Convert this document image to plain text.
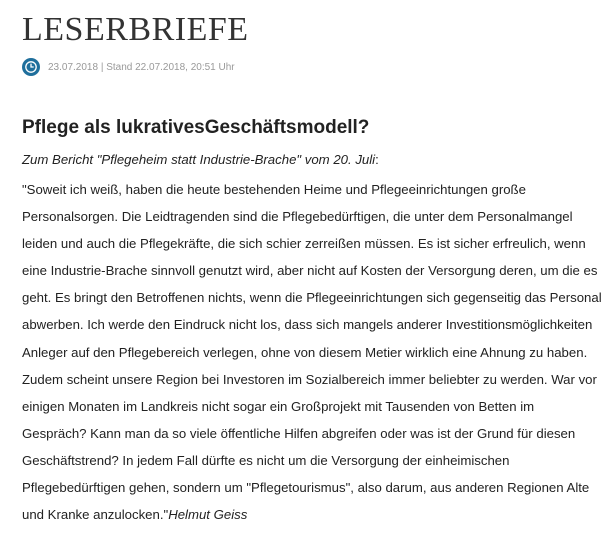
LESERBRIEFE
23.07.2018 | Stand 22.07.2018, 20:51 Uhr
Pflege als lukrativesGeschäftsmodell?
Zum Bericht "Pflegeheim statt Industrie-Brache" vom 20. Juli:

"Soweit ich weiß, haben die heute bestehenden Heime und Pflegeeinrichtungen große Personalsorgen. Die Leidtragenden sind die Pflegebedürftigen, die unter dem Personalmangel leiden und auch die Pflegekräfte, die sich schier zerreißen müssen. Es ist sicher erfreulich, wenn eine Industrie-Brache sinnvoll genutzt wird, aber nicht auf Kosten der Versorgung deren, um die es geht. Es bringt den Betroffenen nichts, wenn die Pflegeeinrichtungen sich gegenseitig das Personal abwerben. Ich werde den Eindruck nicht los, dass sich mangels anderer Investitionsmöglichkeiten Anleger auf den Pflegebereich verlegen, ohne von diesem Metier wirklich eine Ahnung zu haben. Zudem scheint unsere Region bei Investoren im Sozialbereich immer beliebter zu werden. War vor einigen Monaten im Landkreis nicht sogar ein Großprojekt mit Tausenden von Betten im Gespräch? Kann man da so viele öffentliche Hilfen abgreifen oder was ist der Grund für diesen Geschäftstrend? In jedem Fall dürfte es nicht um die Versorgung der einheimischen Pflegebedürftigen gehen, sondern um "Pflegetourismus", also darum, aus anderen Regionen Alte und Kranke anzulocken."Helmut Geiss
